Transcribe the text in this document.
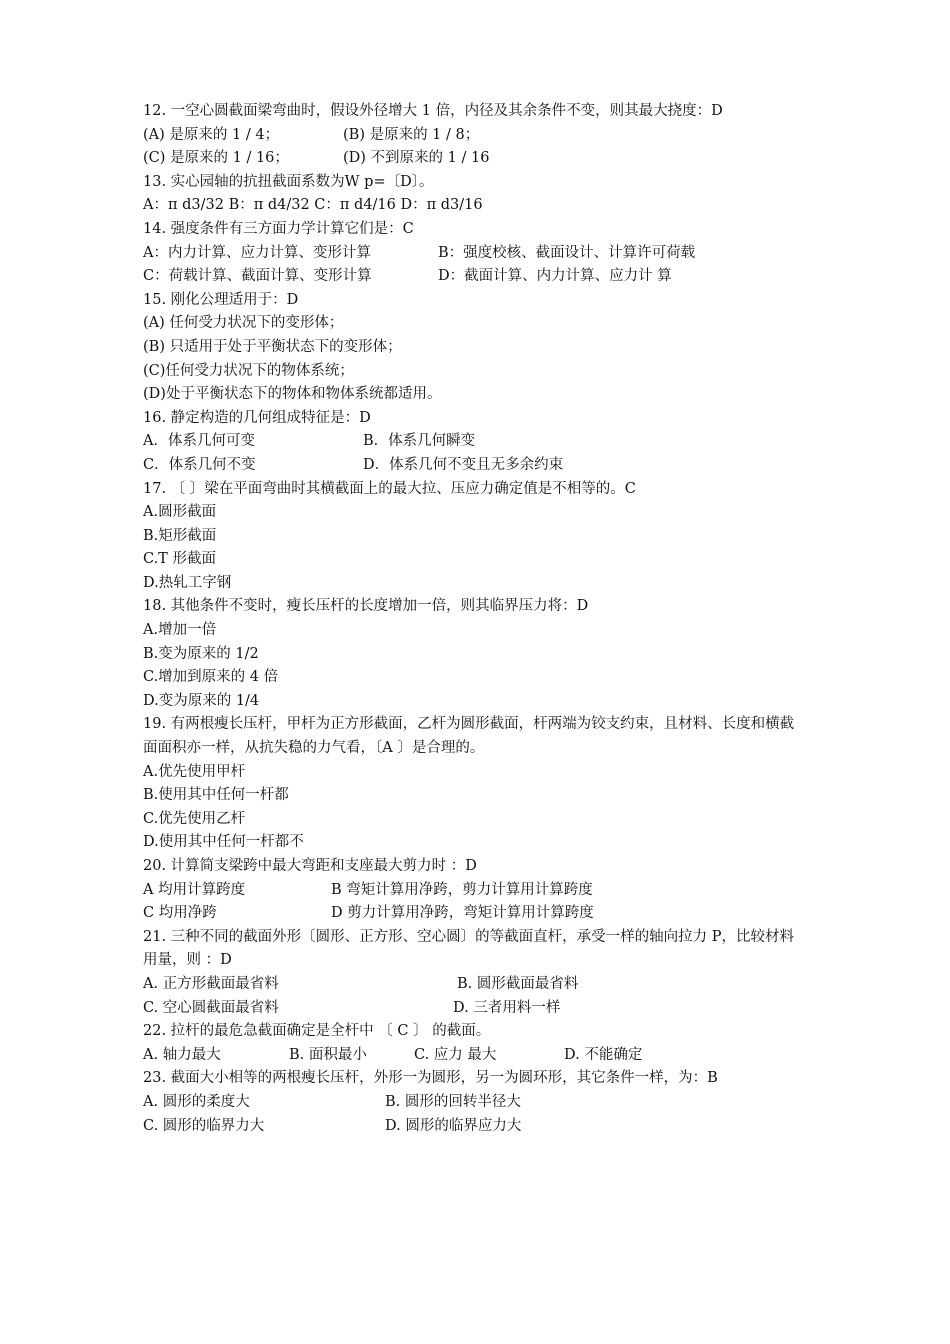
12. 一空心圆截面梁弯曲时，假设外径增大 1 倍，内径及其余条件不变，则其最大挠度：D
(A) 是原来的 1 / 4；	(B) 是原来的 1 / 8；
(C) 是原来的 1 / 16；	(D) 不到原来的 1 / 16
13. 实心园轴的抗扭截面系数为W p=〔D〕。
A：π d3/32 B：π d4/32 C：π d4/16 D：π d3/16
14. 强度条件有三方面力学计算它们是：C
A：内力计算、应力计算、变形计算	B：强度校核、截面设计、计算许可荷载
C：荷载计算、截面计算、变形计算	D：截面计算、内力计算、应力计 算
15. 刚化公理适用于：D
(A) 任何受力状况下的变形体；
(B) 只适用于处于平衡状态下的变形体；
(C)任何受力状况下的物体系统；
(D)处于平衡状态下的物体和物体系统都适用。
16. 静定构造的几何组成特征是：D
A．体系几何可变	B．体系几何瞬变
C．体系几何不变	D．体系几何不变且无多余约束
17. 〔 〕梁在平面弯曲时其横截面上的最大拉、压应力确定值是不相等的。C
A.圆形截面
B.矩形截面
C.T 形截面
D.热轧工字钢
18. 其他条件不变时，瘦长压杆的长度增加一倍，则其临界压力将：D
A.增加一倍
B.变为原来的 1/2
C.增加到原来的 4 倍
D.变为原来的 1/4
19. 有两根瘦长压杆，甲杆为正方形截面，乙杆为圆形截面，杆两端为铰支约束，且材料、长度和横截面面积亦一样，从抗失稳的力气看，〔A 〕是合理的。
A.优先使用甲杆
B.使用其中任何一杆都
C.优先使用乙杆
D.使用其中任何一杆都不
20. 计算简支梁跨中最大弯距和支座最大剪力时 ：D
A 均用计算跨度	B 弯矩计算用净跨，剪力计算用计算跨度
C 均用净跨	D 剪力计算用净跨，弯矩计算用计算跨度
21. 三种不同的截面外形〔圆形、正方形、空心圆〕的等截面直杆，承受一样的轴向拉力 P，比较材料用量，则 ：D
A. 正方形截面最省料	B. 圆形截面最省料
C. 空心圆截面最省料	D. 三者用料一样
22. 拉杆的最危急截面确定是全杆中 〔 C 〕 的截面。
A. 轴力最大	B. 面积最小	C. 应力 最大	D. 不能确定
23. 截面大小相等的两根瘦长压杆，外形一为圆形，另一为圆环形，其它条件一样，为：B
A. 圆形的柔度大	B. 圆形的回转半径大
C. 圆形的临界力大	D. 圆形的临界应力大
